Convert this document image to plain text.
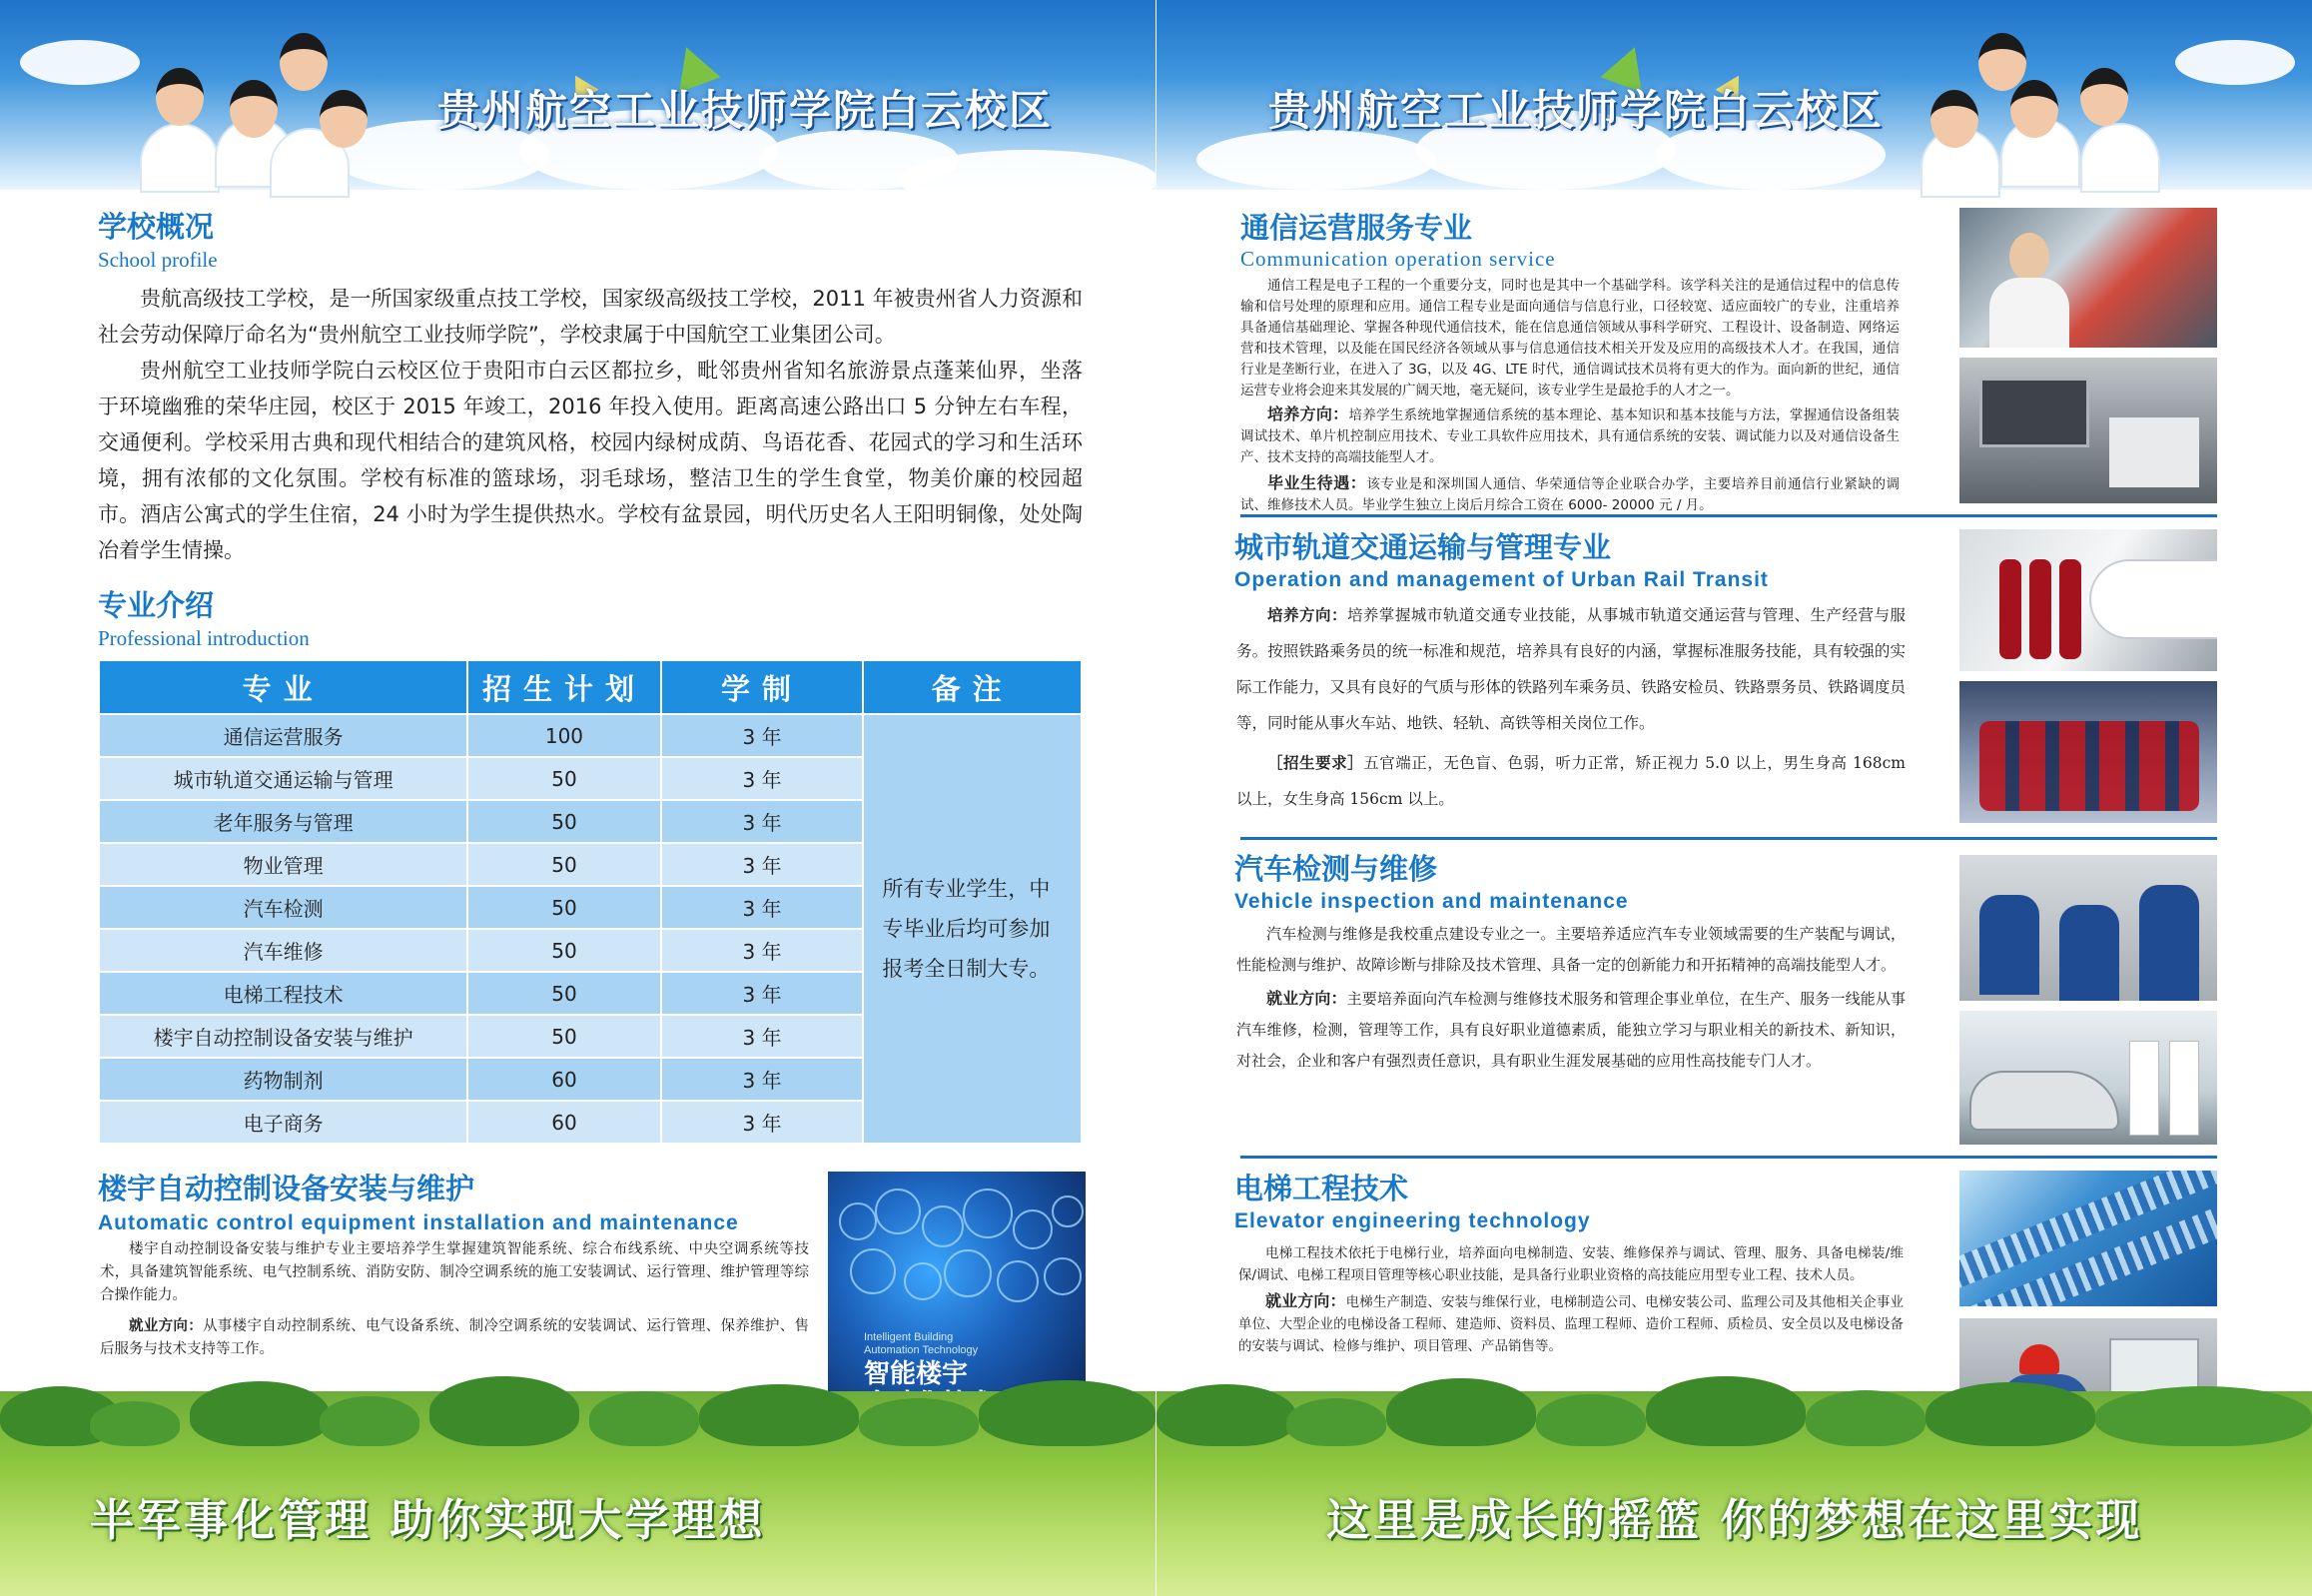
贵州航空工业技师学院白云校区
学校概况
School profile

贵航高级技工学校，是一所国家级重点技工学校，国家级高级技工学校，2011 年被贵州省人力资源和社会劳动保障厅命名为“贵州航空工业技师学院”，学校隶属于中国航空工业集团公司。

贵州航空工业技师学院白云校区位于贵阳市白云区都拉乡，毗邻贵州省知名旅游景点蓬莱仙界，坐落于环境幽雅的荣华庄园，校区于 2015 年竣工，2016 年投入使用。距离高速公路出口 5 分钟左右车程，交通便利。学校采用古典和现代相结合的建筑风格，校园内绿树成荫、鸟语花香、花园式的学习和生活环境，拥有浓郁的文化氛围。学校有标准的篮球场，羽毛球场，整洁卫生的学生食堂，物美价廉的校园超市。酒店公寓式的学生住宿，24 小时为学生提供热水。学校有盆景园，明代历史名人王阳明铜像，处处陶冶着学生情操。

专业介绍
Professional introduction
专业	招生计划	学制	备注
通信运营服务	100	3 年	所有专业学生，中专毕业后均可参加报考全日制大专。
城市轨道交通运输与管理	50	3 年	
老年服务与管理	50	3 年	
物业管理	50	3 年	
汽车检测	50	3 年	
汽车维修	50	3 年	
电梯工程技术	50	3 年	
楼宇自动控制设备安装与维护	50	3 年	
药物制剂	60	3 年	
电子商务	60	3 年	
楼宇自动控制设备安装与维护
Automatic control equipment installation and maintenance

楼宇自动控制设备安装与维护专业主要培养学生掌握建筑智能系统、综合布线系统、中央空调系统等技术，具备建筑智能系统、电气控制系统、消防安防、制冷空调系统的施工安装调试、运行管理、维护管理等综合操作能力。

就业方向：从事楼宇自动控制系统、电气设备系统、制冷空调系统的安装调试、运行管理、保养维护、售后服务与技术支持等工作。

Intelligent Building
Automation Technology
智能楼宇
半军事化管理 助你实现大学理想
贵州航空工业技师学院白云校区
通信运营服务专业
Communication operation service

通信工程是电子工程的一个重要分支，同时也是其中一个基础学科。该学科关注的是通信过程中的信息传输和信号处理的原理和应用。通信工程专业是面向通信与信息行业，口径较宽、适应面较广的专业，注重培养具备通信基础理论、掌握各种现代通信技术，能在信息通信领域从事科学研究、工程设计、设备制造、网络运营和技术管理，以及能在国民经济各领域从事与信息通信技术相关开发及应用的高级技术人才。在我国，通信行业是垄断行业，在进入了 3G，以及 4G、LTE 时代，通信调试技术员将有更大的作为。面向新的世纪，通信运营专业将会迎来其发展的广阔天地，毫无疑问，该专业学生是最抢手的人才之一。

培养方向：培养学生系统地掌握通信系统的基本理论、基本知识和基本技能与方法，掌握通信设备组装调试技术、单片机控制应用技术、专业工具软件应用技术，具有通信系统的安装、调试能力以及对通信设备生产、技术支持的高端技能型人才。

毕业生待遇：该专业是和深圳国人通信、华荣通信等企业联合办学，主要培养目前通信行业紧缺的调试、维修技术人员。毕业学生独立上岗后月综合工资在 6000- 20000 元 / 月。

城市轨道交通运输与管理专业
Operation and management of Urban Rail Transit

培养方向：培养掌握城市轨道交通专业技能，从事城市轨道交通运营与管理、生产经营与服务。按照铁路乘务员的统一标准和规范，培养具有良好的内涵，掌握标准服务技能，具有较强的实际工作能力，又具有良好的气质与形体的铁路列车乘务员、铁路安检员、铁路票务员、铁路调度员等，同时能从事火车站、地铁、轻轨、高铁等相关岗位工作。

［招生要求］五官端正，无色盲、色弱，听力正常，矫正视力 5.0 以上，男生身高 168cm 以上，女生身高 156cm 以上。

汽车检测与维修
Vehicle inspection and maintenance

汽车检测与维修是我校重点建设专业之一。主要培养适应汽车专业领域需要的生产装配与调试，性能检测与维护、故障诊断与排除及技术管理、具备一定的创新能力和开拓精神的高端技能型人才。

就业方向：主要培养面向汽车检测与维修技术服务和管理企事业单位，在生产、服务一线能从事汽车维修，检测，管理等工作，具有良好职业道德素质，能独立学习与职业相关的新技术、新知识，对社会，企业和客户有强烈责任意识，具有职业生涯发展基础的应用性高技能专门人才。

电梯工程技术
Elevator engineering technology

电梯工程技术依托于电梯行业，培养面向电梯制造、安装、维修保养与调试、管理、服务、具备电梯装/维保/调试、电梯工程项目管理等核心职业技能，是具备行业职业资格的高技能应用型专业工程、技术人员。

就业方向：电梯生产制造、安装与维保行业，电梯制造公司、电梯安装公司、监理公司及其他相关企事业单位、大型企业的电梯设备工程师、建造师、资料员、监理工程师、造价工程师、质检员、安全员以及电梯设备的安装与调试、检修与维护、项目管理、产品销售等。

这里是成长的摇篮 你的梦想在这里实现
